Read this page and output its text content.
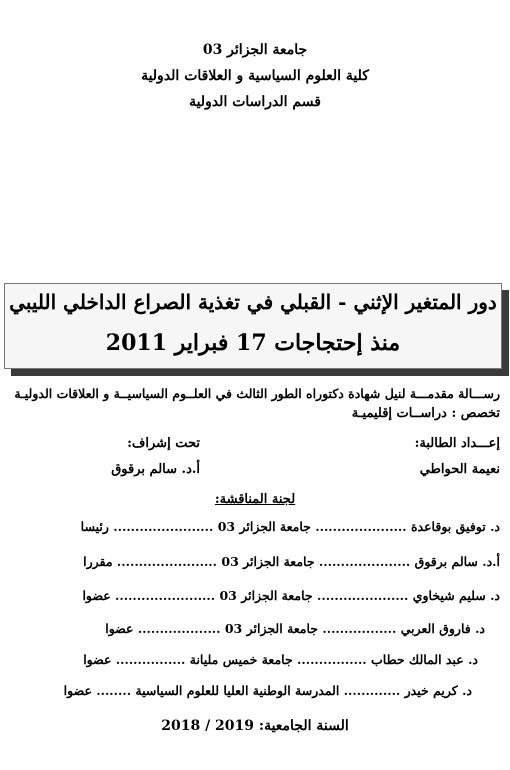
جامعة الجزائر 03
كلية العلوم السياسية و العلاقات الدولية
قسم الدراسات الدولية
دور المتغير الإثني - القبلي في تغذية الصراع الداخلي الليبي
منذ إحتجاجات 17 فبراير 2011
رســـالة مقدمـــة لنيل شهادة دكتوراه الطور الثالث في العلــوم السياسيــة و العلاقات الدوليـة
تخصص : دراســات إقليميـة
إعـــداد الطالبة:
تحت إشراف:
نعيمة الحواطي
أ.د. سالم برقوق
لجنة المناقشة:
د. توفيق بوقاعدة ..................... جامعة الجزائر 03 ....................... رئيسا
أ.د. سالم برقوق ..................... جامعة الجزائر 03 ....................... مقررا
د. سليم شيخاوي ..................... جامعة الجزائر 03 ....................... عضوا
د. فاروق العربي ................. جامعة الجزائر 03 ................... عضوا
د. عبد المالك حطاب ................ جامعة خميس مليانة ................ عضوا
د. كريم خيدر ............. المدرسة الوطنية العليا للعلوم السياسية ........ عضوا
السنة الجامعية: 2018 / 2019
